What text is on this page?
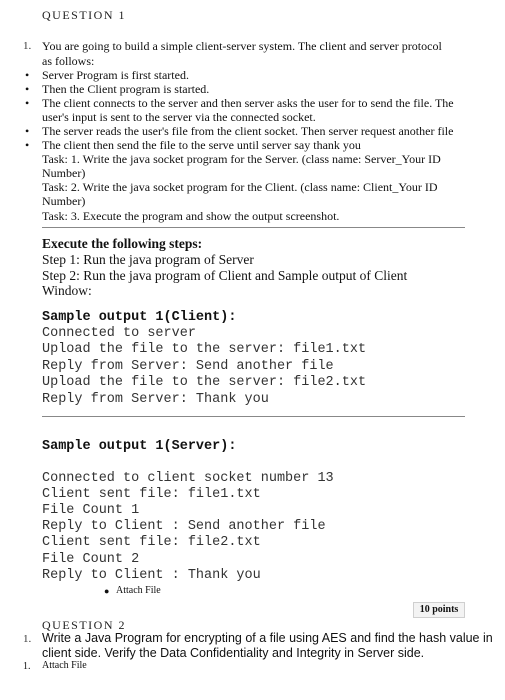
QUESTION 1
1. You are going to build a simple client-server system. The client and server protocol
as follows:
• Server Program is first started.
• Then the Client program is started.
• The client connects to the server and then server asks the user for to send the file. The
user's input is sent to the server via the connected socket.
• The server reads the user's file from the client socket. Then server request another file
• The client then send the file to the serve until server say thank you
Task: 1. Write the java socket program for the Server. (class name: Server_Your ID
Number)
Task: 2. Write the java socket program for the Client. (class name: Client_Your ID
Number)
Task: 3. Execute the program and show the output screenshot.
Execute the following steps:
Step 1: Run the java program of Server
Step 2: Run the java program of Client and Sample output of Client
Window:
Sample output 1(Client):
Connected to server
Upload the file to the server: file1.txt
Reply from Server: Send another file
Upload the file to the server: file2.txt
Reply from Server: Thank you
Sample output 1(Server):
Connected to client socket number 13
Client sent file: file1.txt
File Count 1
Reply to Client : Send another file
Client sent file: file2.txt
File Count 2
Reply to Client : Thank you
● Attach File
10 points
QUESTION 2
1. Write a Java Program for encrypting of a file using AES and find the hash value in
client side. Verify the Data Confidentiality and Integrity in Server side.
1. Attach File
